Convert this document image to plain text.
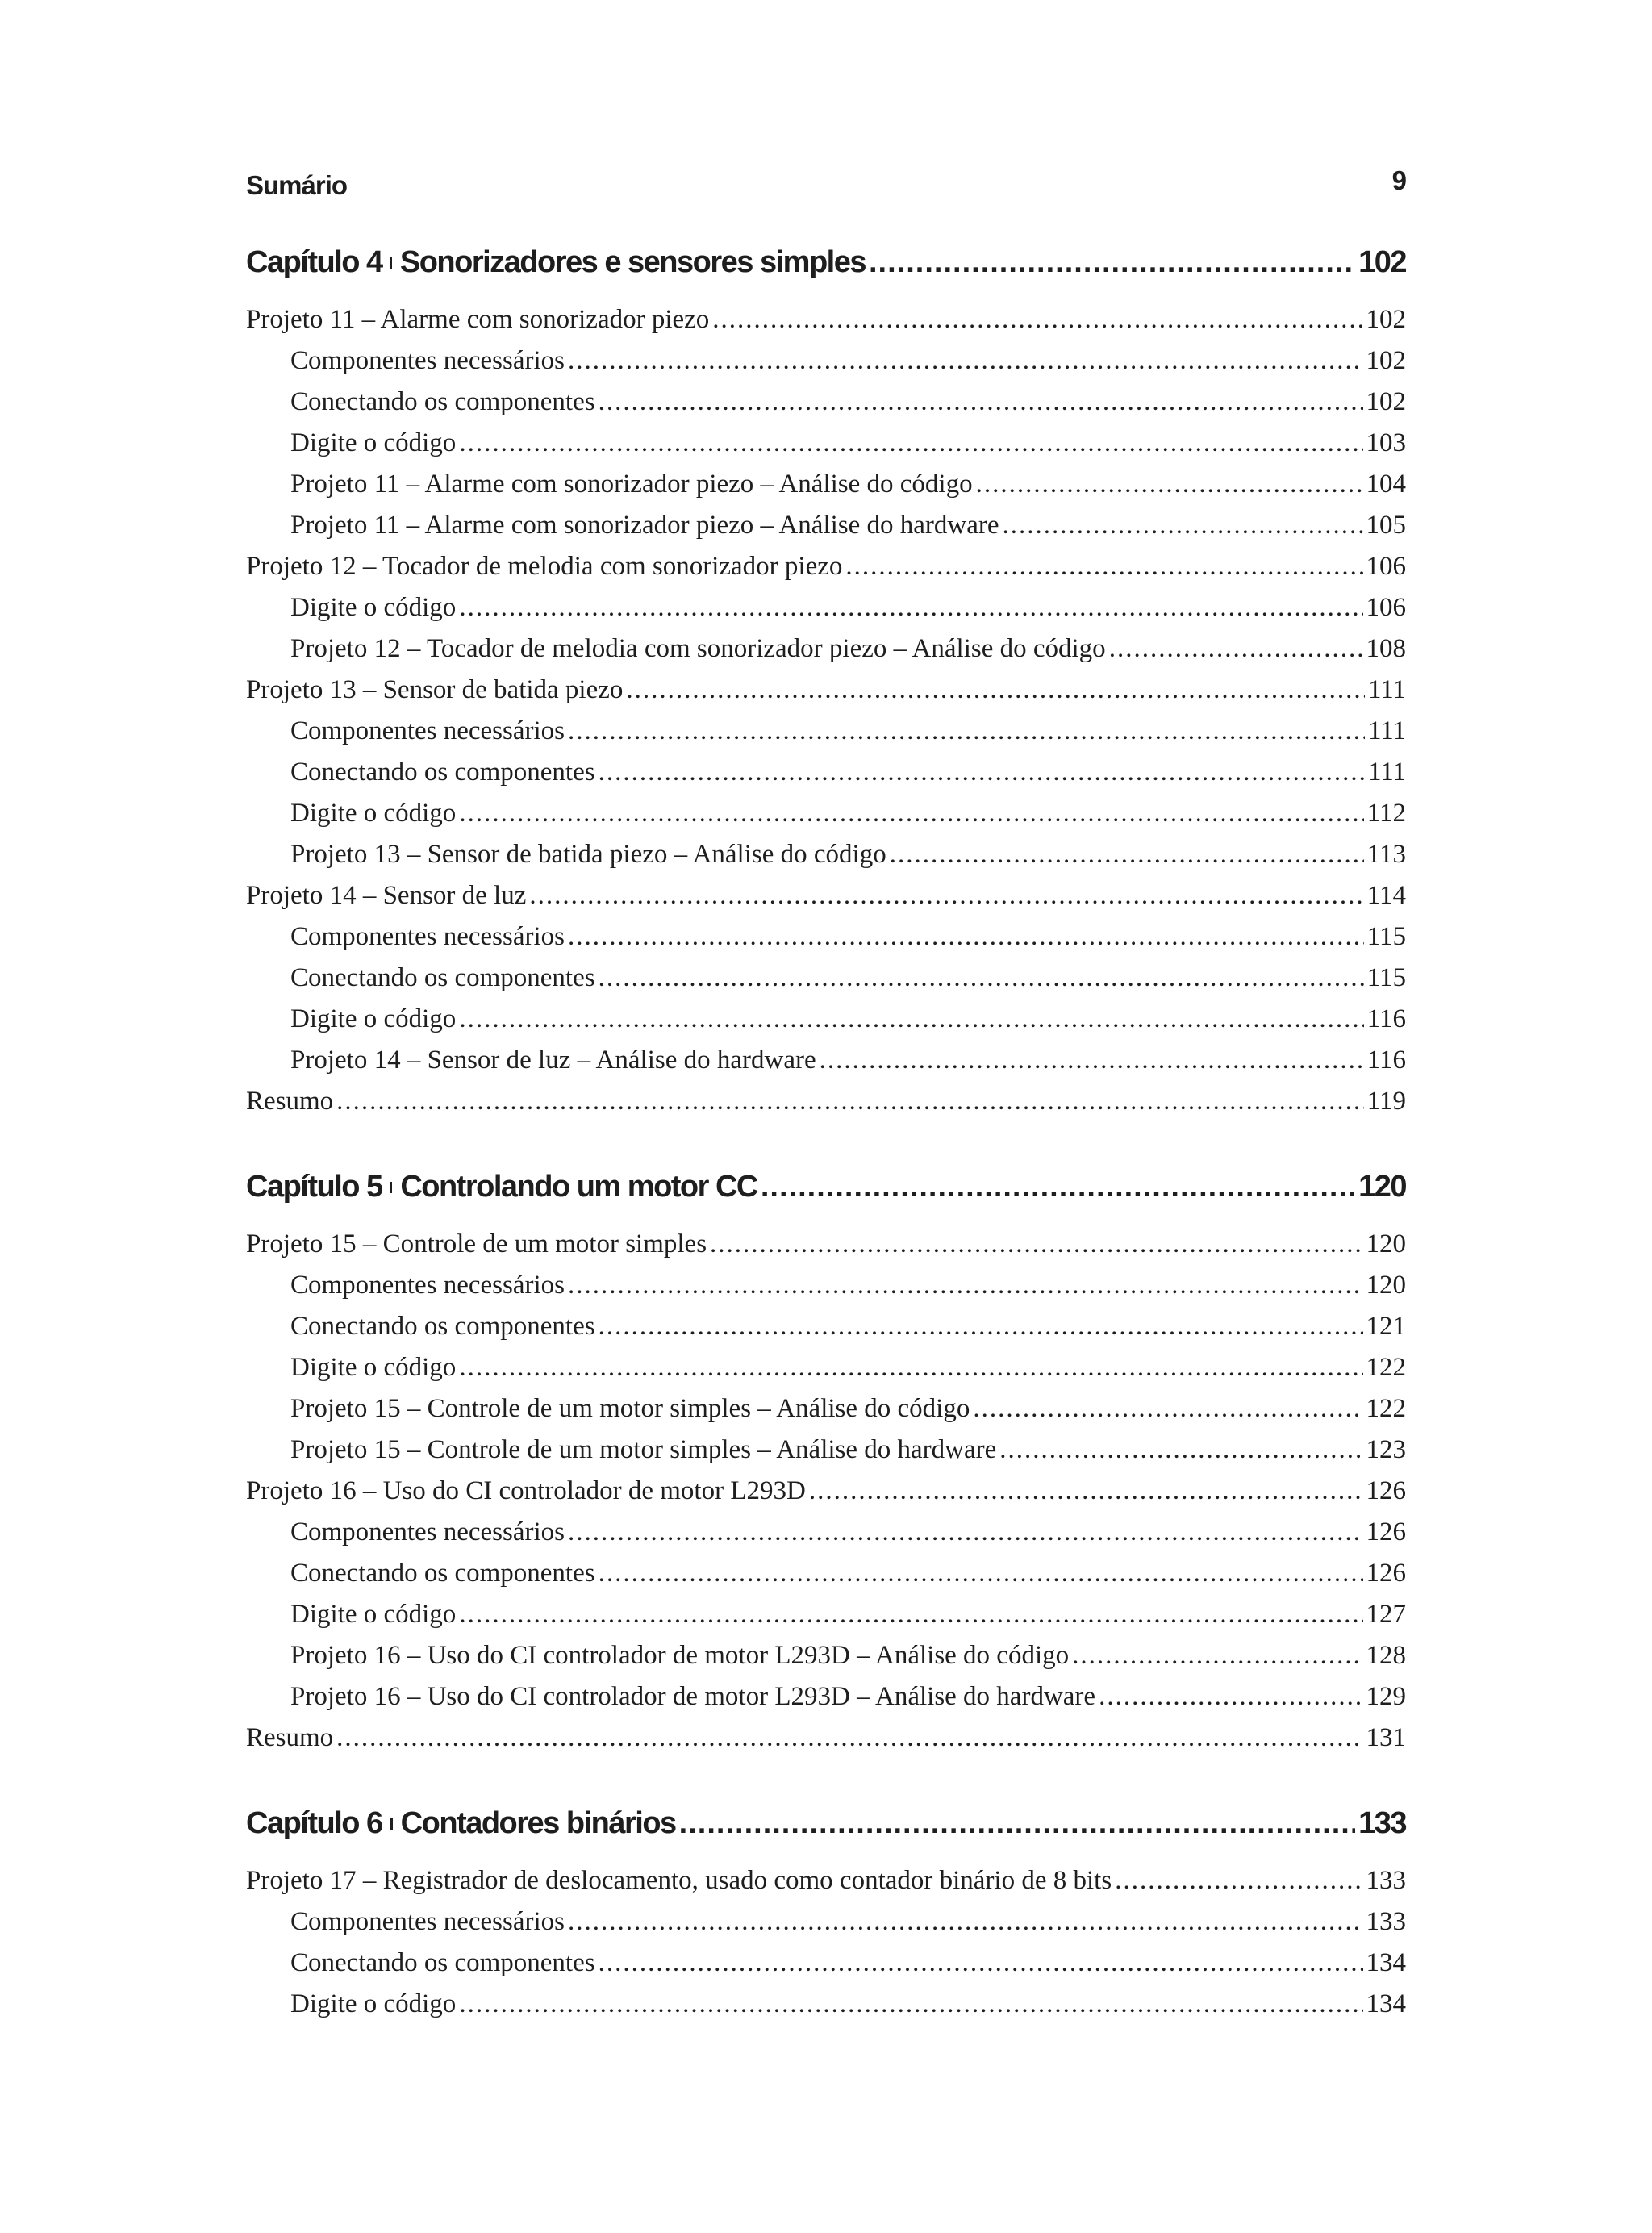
Sumário	9
Capítulo 4 Sonorizadores e sensores simples .....	102
Projeto 11 – Alarme com sonorizador piezo .....	102
Componentes necessários .....	102
Conectando os componentes .....	102
Digite o código .....	103
Projeto 11 – Alarme com sonorizador piezo – Análise do código .....	104
Projeto 11 – Alarme com sonorizador piezo – Análise do hardware .....	105
Projeto 12 – Tocador de melodia com sonorizador piezo .....	106
Digite o código .....	106
Projeto 12 – Tocador de melodia com sonorizador piezo – Análise do código .....	108
Projeto 13 – Sensor de batida piezo .....	111
Componentes necessários .....	111
Conectando os componentes .....	111
Digite o código .....	112
Projeto 13 – Sensor de batida piezo – Análise do código .....	113
Projeto 14 – Sensor de luz .....	114
Componentes necessários .....	115
Conectando os componentes .....	115
Digite o código .....	116
Projeto 14 – Sensor de luz – Análise do hardware .....	116
Resumo .....	119
Capítulo 5 Controlando um motor CC .....	120
Projeto 15 – Controle de um motor simples .....	120
Componentes necessários .....	120
Conectando os componentes .....	121
Digite o código .....	122
Projeto 15 – Controle de um motor simples – Análise do código .....	122
Projeto 15 – Controle de um motor simples – Análise do hardware .....	123
Projeto 16 – Uso do CI controlador de motor L293D .....	126
Componentes necessários .....	126
Conectando os componentes .....	126
Digite o código .....	127
Projeto 16 – Uso do CI controlador de motor L293D – Análise do código .....	128
Projeto 16 – Uso do CI controlador de motor L293D – Análise do hardware .....	129
Resumo .....	131
Capítulo 6 Contadores binários .....	133
Projeto 17 – Registrador de deslocamento, usado como contador binário de 8 bits .....	133
Componentes necessários .....	133
Conectando os componentes .....	134
Digite o código .....	134
